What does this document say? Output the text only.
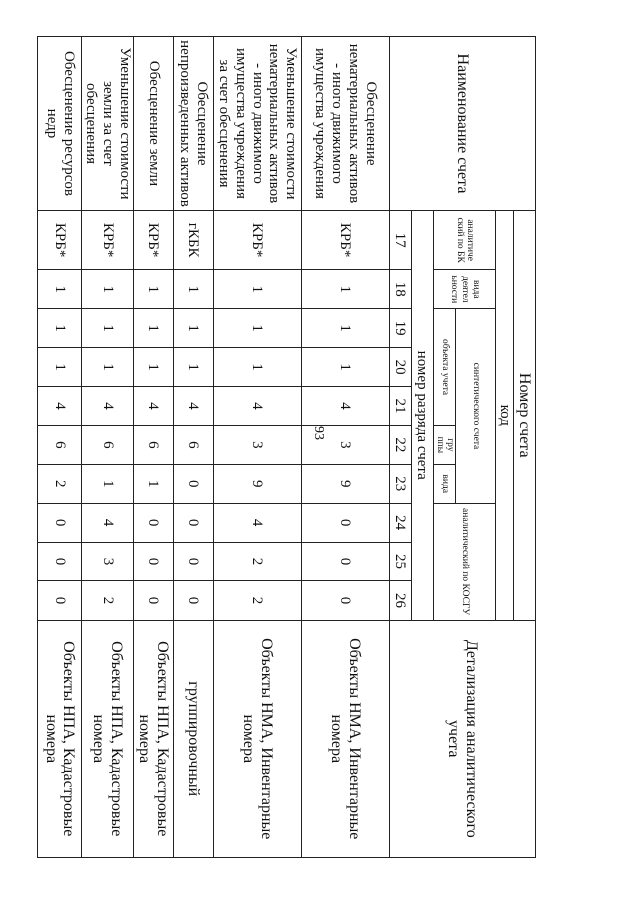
93
Наименование счета	Номер счета										Детализация аналитического учета
	код										
	аналитиче ский по БК	вида деятел ьности	синтетического счета					аналитический по КОСГУ			
			объекта учета			гру ппы	вида				
	номер разряда счета										
	17	18	19	20	21	22	23	24	25	26	
Обесценение нематериальных активов - иного движимого имущества учреждения	КРБ*	1	1	1	4	3	9	0	0	0	Объекты НМА, Инвентарные номера
Уменьшение стоимости нематериальных активов - иного движимого имущества учреждения за счет обесценения	КРБ*	1	1	1	4	3	9	4	2	2	Объекты НМА, Инвентарные номера
Обесценение непроизведенных активов	гКБК	1	1	1	4	6	0	0	0	0	группировочный
Обесценение земли	КРБ*	1	1	1	4	6	1	0	0	0	Объекты НПА, Кадастровые номера
Уменьшение стоимости земли за счет обесценения	КРБ*	1	1	1	4	6	1	4	3	2	Объекты НПА, Кадастровые номера
Обесценение ресурсов недр	КРБ*	1	1	1	4	6	2	0	0	0	Объекты НПА, Кадастровые номера
